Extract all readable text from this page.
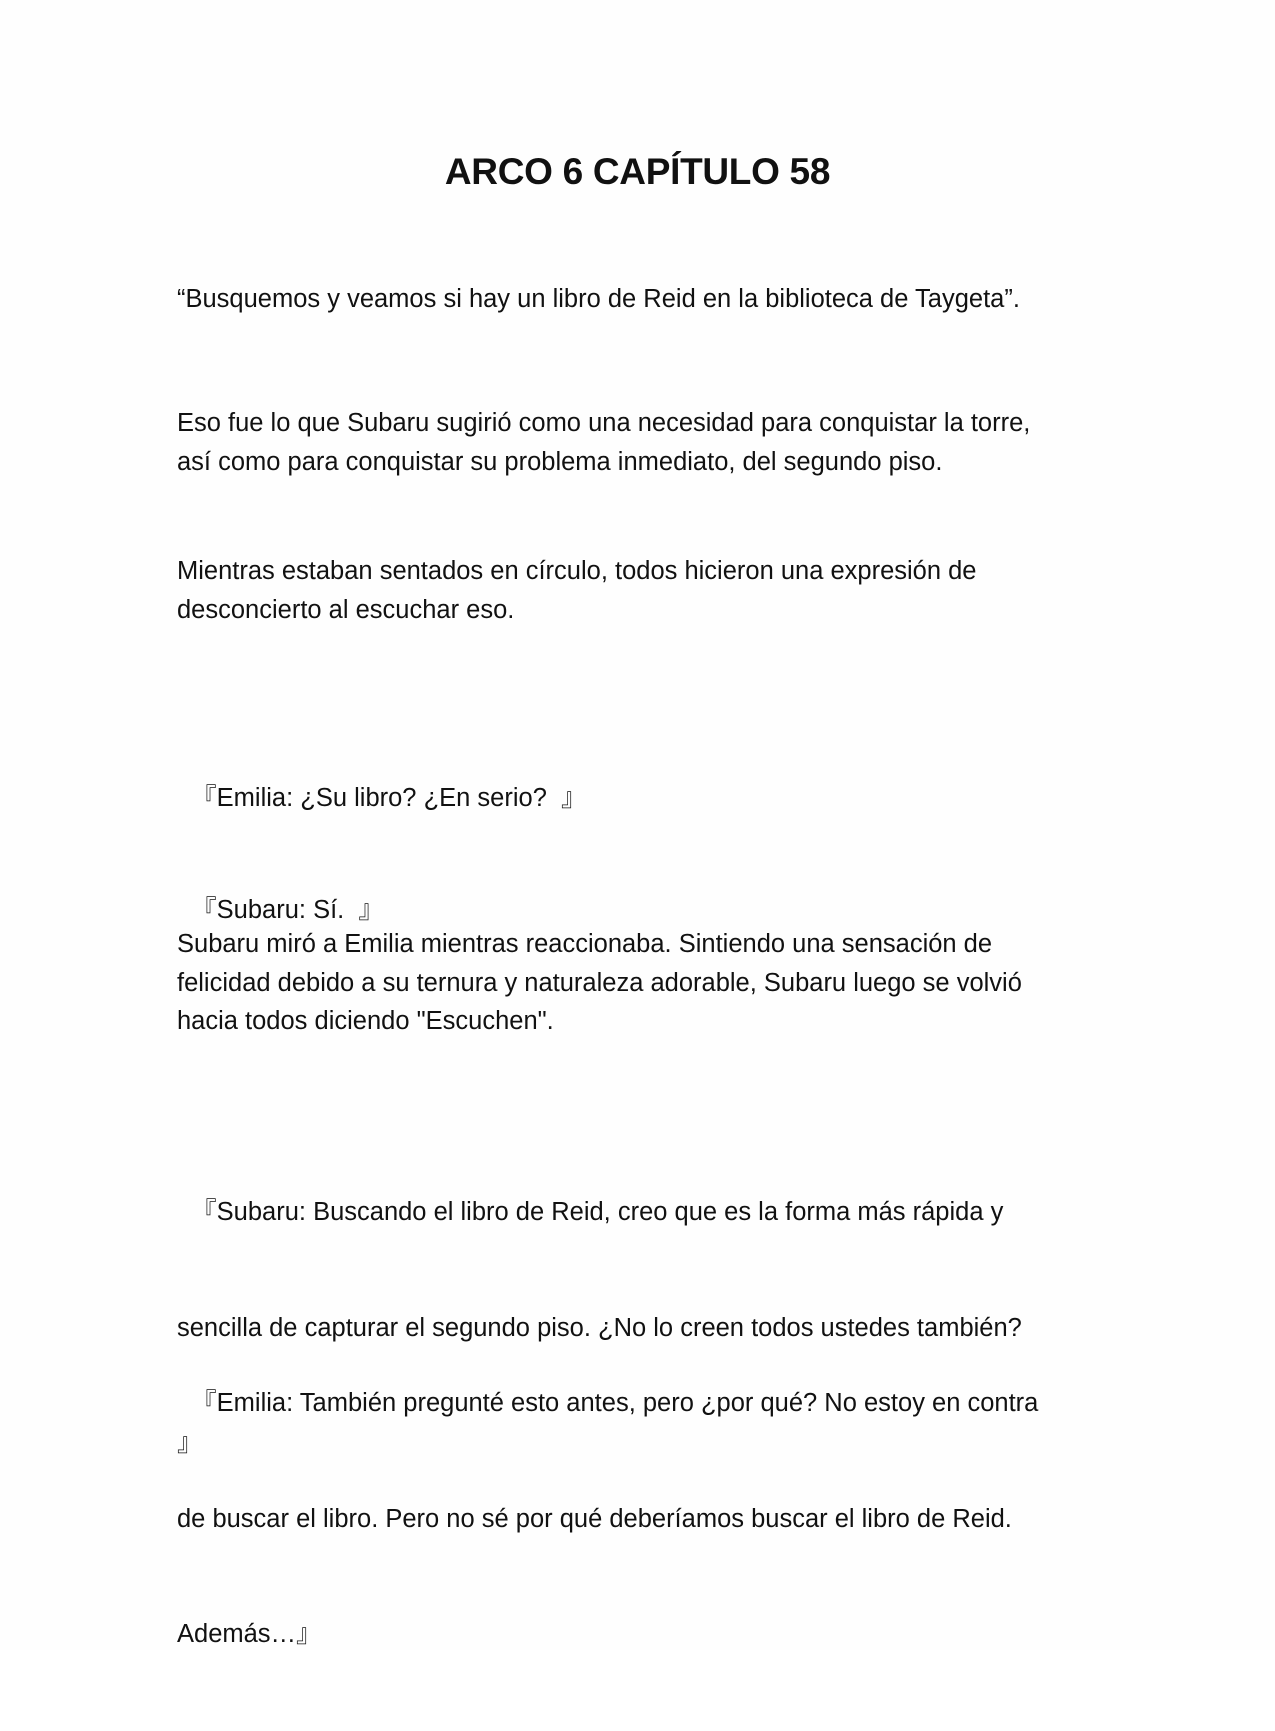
ARCO 6 CAPÍTULO 58

“Busquemos y veamos si hay un libro de Reid en la biblioteca de Taygeta”.

Eso fue lo que Subaru sugirió como una necesidad para conquistar la torre,
así como para conquistar su problema inmediato, del segundo piso.

Mientras estaban sentados en círculo, todos hicieron una expresión de
desconcierto al escuchar eso.

『Emilia: ¿Su libro? ¿En serio?  』

『Subaru: Sí.  』

Subaru miró a Emilia mientras reaccionaba. Sintiendo una sensación de
felicidad debido a su ternura y naturaleza adorable, Subaru luego se volvió
hacia todos diciendo "Escuchen".

『Subaru: Buscando el libro de Reid, creo que es la forma más rápida y

sencilla de capturar el segundo piso. ¿No lo creen todos ustedes también?

』

『Emilia: También pregunté esto antes, pero ¿por qué? No estoy en contra

de buscar el libro. Pero no sé por qué deberíamos buscar el libro de Reid.

Además…』
